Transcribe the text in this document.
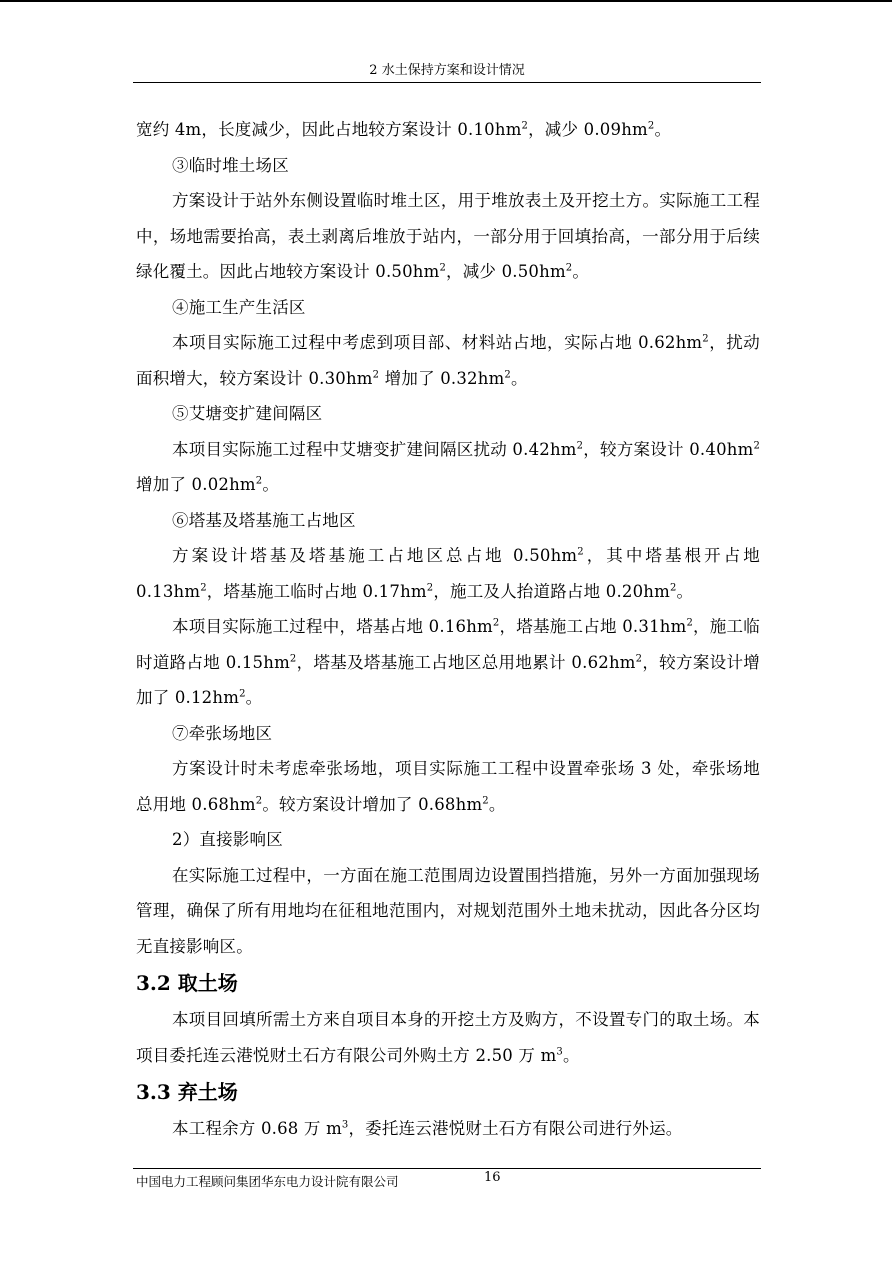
2 水土保持方案和设计情况

宽约 4m，长度减少，因此占地较方案设计 $0.10hm^2$，减少 $0.09hm^2$。

③临时堆土场区

方案设计于站外东侧设置临时堆土区，用于堆放表土及开挖土方。实际施工工程中，场地需要抬高，表土剥离后堆放于站内，一部分用于回填抬高，一部分用于后续绿化覆土。因此占地较方案设计 $0.50hm^2$，减少 $0.50hm^2$。

④施工生产生活区

本项目实际施工过程中考虑到项目部、材料站占地，实际占地 $0.62hm^2$，扰动面积增大，较方案设计 $0.30hm^2$ 增加了 $0.32hm^2$。

⑤艾塘变扩建间隔区

本项目实际施工过程中艾塘变扩建间隔区扰动 $0.42hm^2$，较方案设计 $0.40hm^2$ 增加了 $0.02hm^2$。

⑥塔基及塔基施工占地区

方案设计塔基及塔基施工占地区总占地 $0.50hm^2$，其中塔基根开占地 $0.13hm^2$，塔基施工临时占地 $0.17hm^2$，施工及人抬道路占地 $0.20hm^2$。

本项目实际施工过程中，塔基占地 $0.16hm^2$，塔基施工占地 $0.31hm^2$，施工临时道路占地 $0.15hm^2$，塔基及塔基施工占地区总用地累计 $0.62hm^2$，较方案设计增加了 $0.12hm^2$。

⑦牵张场地区

方案设计时未考虑牵张场地，项目实际施工工程中设置牵张场 3 处，牵张场地总用地 $0.68hm^2$。较方案设计增加了 $0.68hm^2$。

2）直接影响区

在实际施工过程中，一方面在施工范围周边设置围挡措施，另外一方面加强现场管理，确保了所有用地均在征租地范围内，对规划范围外土地未扰动，因此各分区均无直接影响区。

3.2 取土场

本项目回填所需土方来自项目本身的开挖土方及购方，不设置专门的取土场。本项目委托连云港悦财土石方有限公司外购土方 2.50 万 $m^3$。

3.3 弃土场

本工程余方 0.68 万 $m^3$，委托连云港悦财土石方有限公司进行外运。

中国电力工程顾问集团华东电力设计院有限公司	16
